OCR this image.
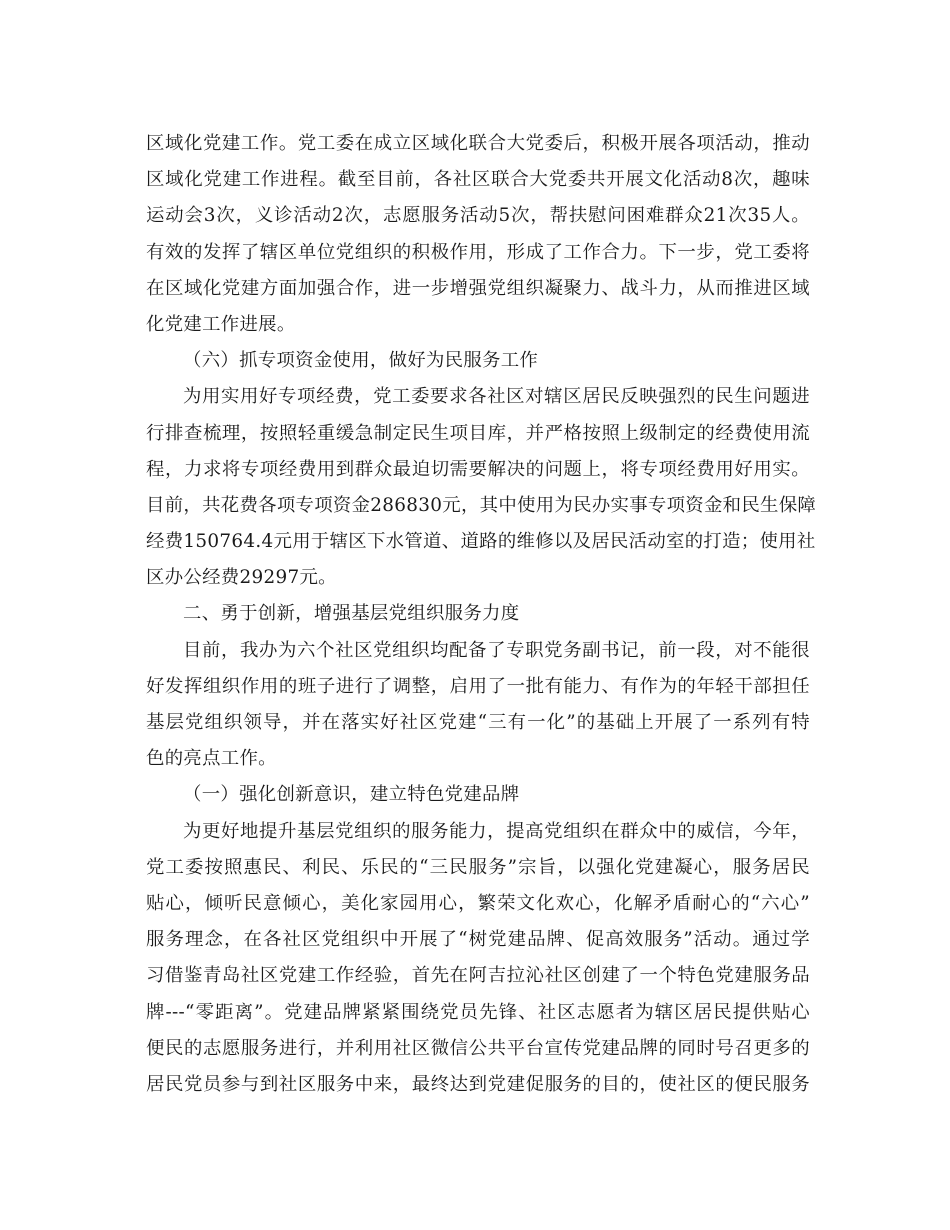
区域化党建工作。党工委在成立区域化联合大党委后，积极开展各项活动，推动
区域化党建工作进程。截至目前，各社区联合大党委共开展文化活动8次，趣味
运动会3次，义诊活动2次，志愿服务活动5次，帮扶慰问困难群众21次35人。
有效的发挥了辖区单位党组织的积极作用，形成了工作合力。下一步，党工委将
在区域化党建方面加强合作，进一步增强党组织凝聚力、战斗力，从而推进区域
化党建工作进展。
（六）抓专项资金使用，做好为民服务工作
为用实用好专项经费，党工委要求各社区对辖区居民反映强烈的民生问题进
行排查梳理，按照轻重缓急制定民生项目库，并严格按照上级制定的经费使用流
程，力求将专项经费用到群众最迫切需要解决的问题上，将专项经费用好用实。
目前，共花费各项专项资金286830元，其中使用为民办实事专项资金和民生保障
经费150764.4元用于辖区下水管道、道路的维修以及居民活动室的打造；使用社
区办公经费29297元。
二、勇于创新，增强基层党组织服务力度
目前，我办为六个社区党组织均配备了专职党务副书记，前一段，对不能很
好发挥组织作用的班子进行了调整，启用了一批有能力、有作为的年轻干部担任
基层党组织领导，并在落实好社区党建“三有一化”的基础上开展了一系列有特
色的亮点工作。
（一）强化创新意识，建立特色党建品牌
为更好地提升基层党组织的服务能力，提高党组织在群众中的威信，今年，
党工委按照惠民、利民、乐民的“三民服务”宗旨，以强化党建凝心，服务居民
贴心，倾听民意倾心，美化家园用心，繁荣文化欢心，化解矛盾耐心的“六心”
服务理念，在各社区党组织中开展了“树党建品牌、促高效服务”活动。通过学
习借鉴青岛社区党建工作经验，首先在阿吉拉沁社区创建了一个特色党建服务品
牌---“零距离”。党建品牌紧紧围绕党员先锋、社区志愿者为辖区居民提供贴心
便民的志愿服务进行，并利用社区微信公共平台宣传党建品牌的同时号召更多的
居民党员参与到社区服务中来，最终达到党建促服务的目的，使社区的便民服务
